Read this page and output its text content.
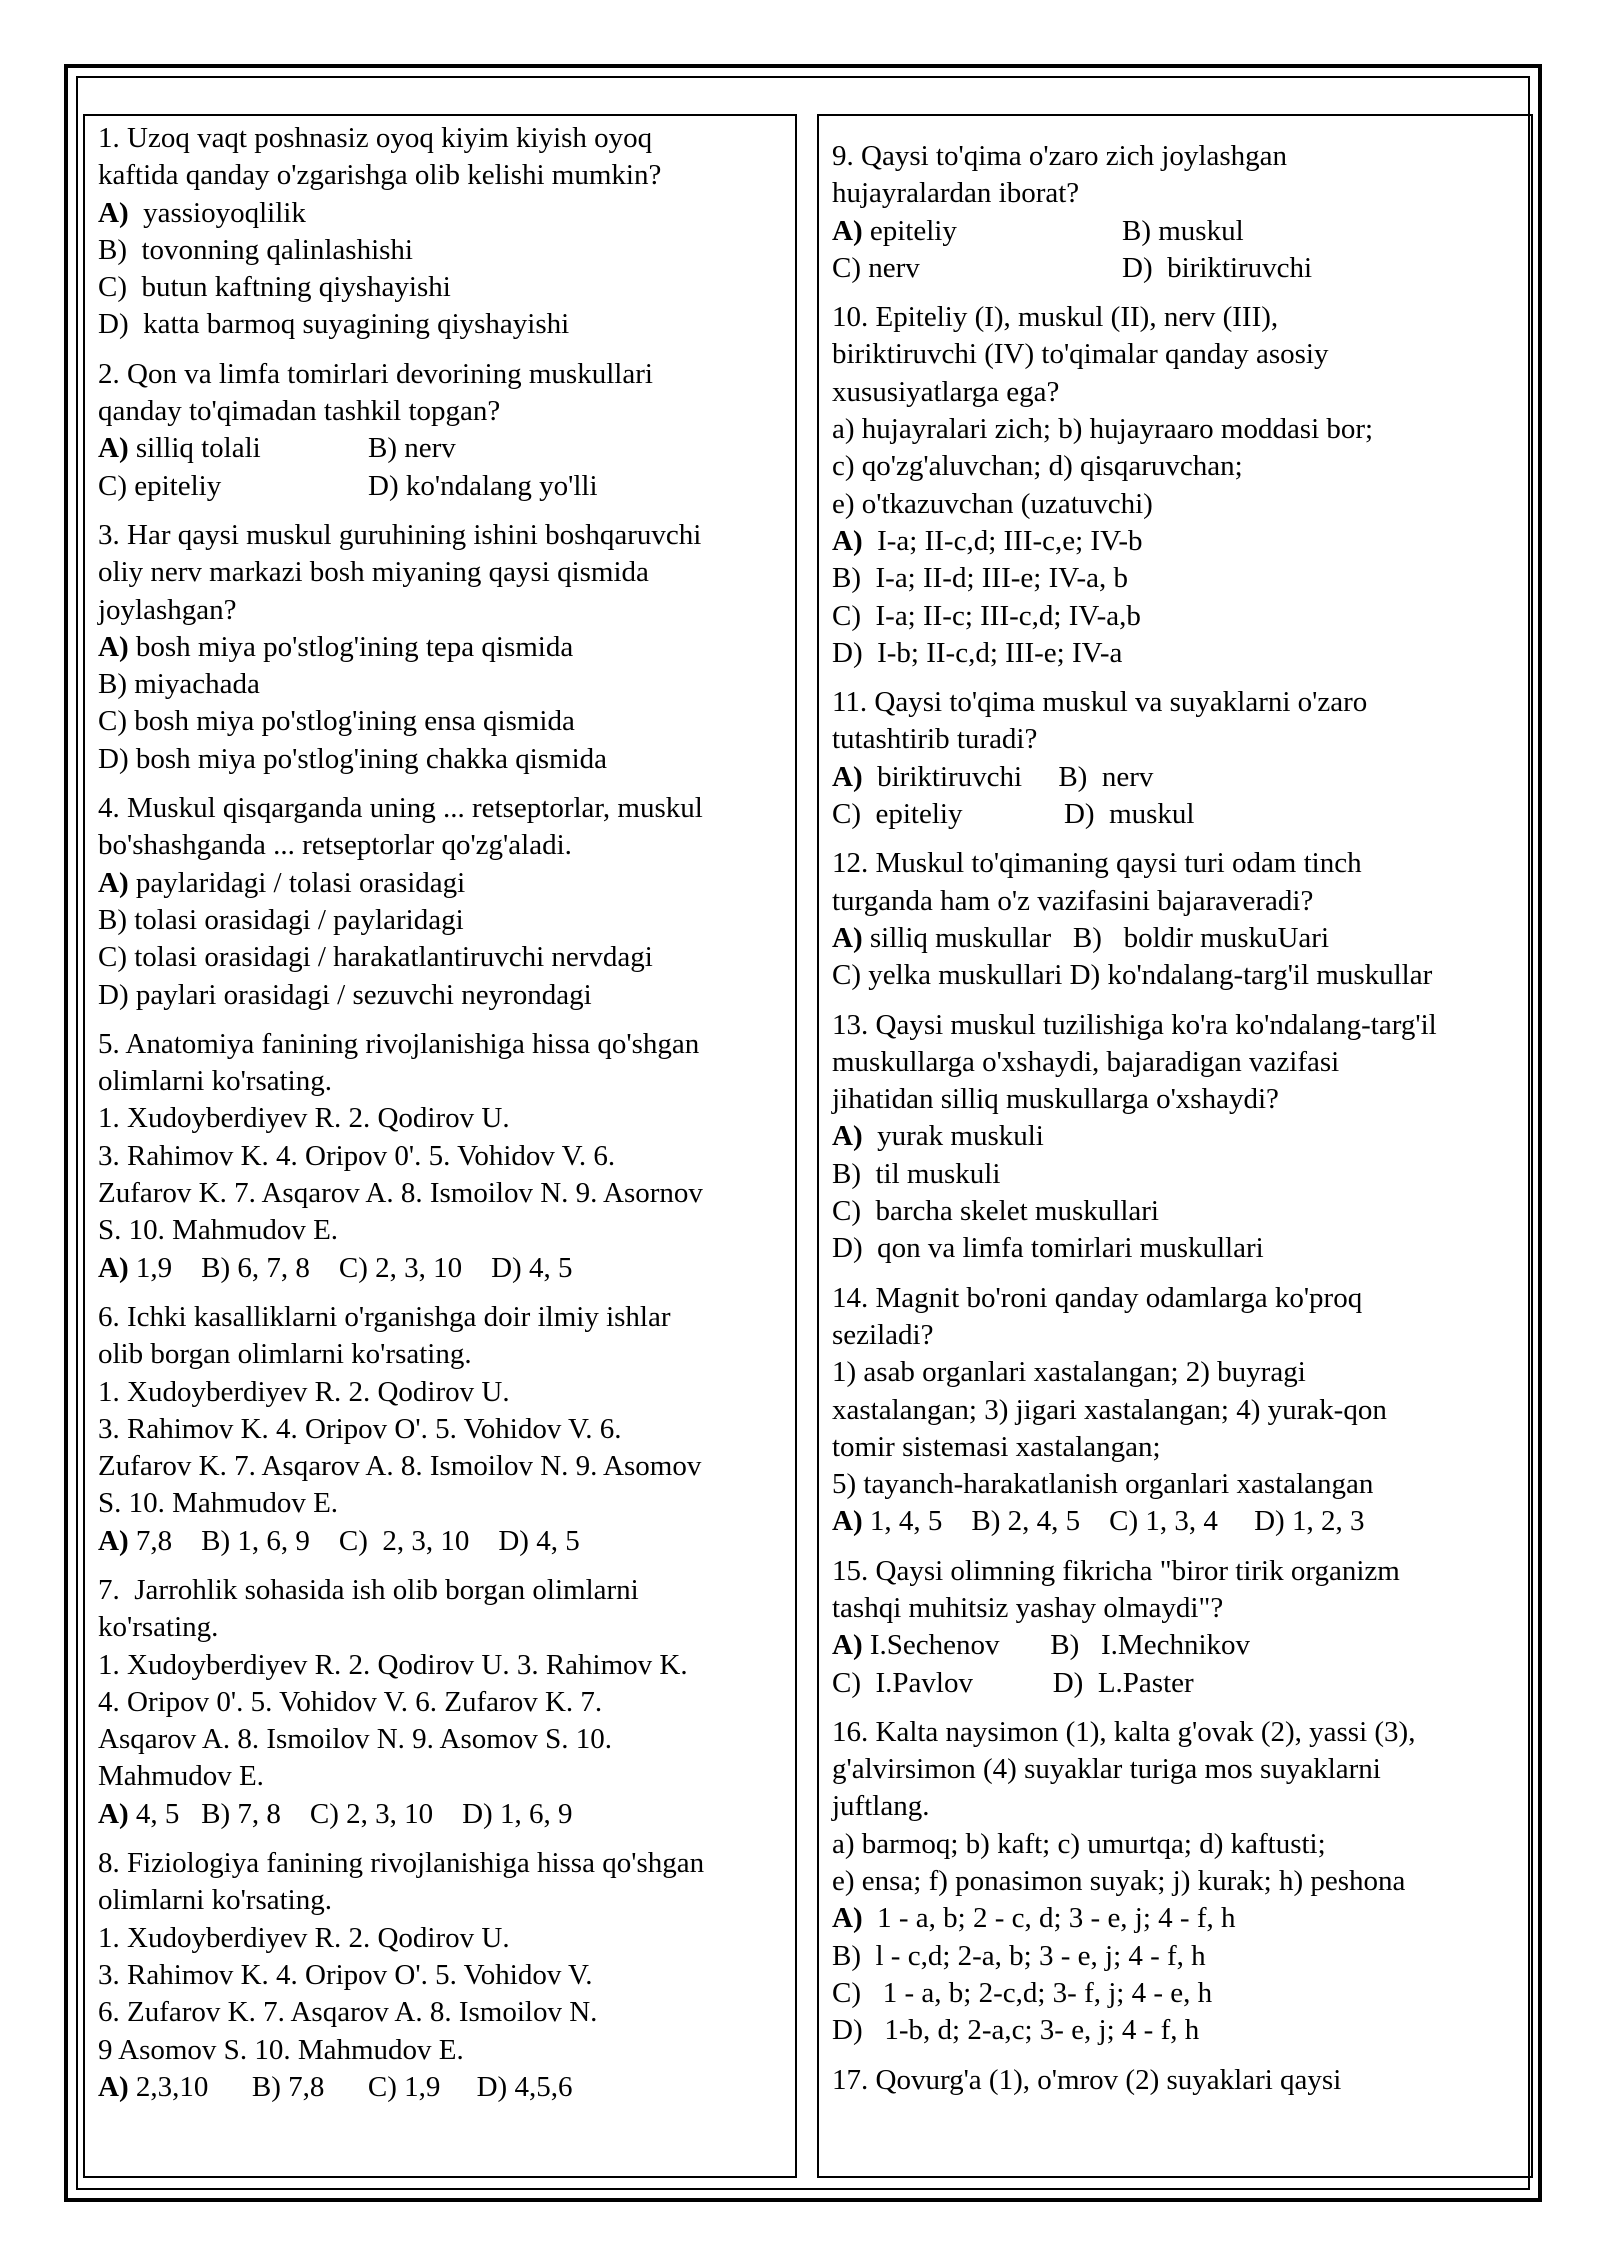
1. Uzoq vaqt poshnasiz oyoq kiyim kiyish oyoq
kaftida qanday o'zgarishga olib kelishi mumkin?
A)  yassioyoqlilik
B)  tovonning qalinlashishi
C)  butun kaftning qiyshayishi
D)  katta barmoq suyagining qiyshayishi
2. Qon va limfa tomirlari devorining muskullari
qanday to'qimadan tashkil topgan?
A) silliq tolali	B) nerv
C) epiteliy	D) ko'ndalang yo'lli
3. Har qaysi muskul guruhining ishini boshqaruvchi
oliy nerv markazi bosh miyaning qaysi qismida
joylashgan?
A) bosh miya po'stlog'ining tepa qismida
B) miyachada
C) bosh miya po'stlog'ining ensa qismida
D) bosh miya po'stlog'ining chakka qismida
4. Muskul qisqarganda uning ... retseptorlar, muskul
bo'shashganda ... retseptorlar qo'zg'aladi.
A) paylaridagi / tolasi orasidagi
B) tolasi orasidagi / paylaridagi
C) tolasi orasidagi / harakatlantiruvchi nervdagi
D) paylari orasidagi / sezuvchi neyrondagi
5. Anatomiya fanining rivojlanishiga hissa qo'shgan
olimlarni ko'rsating.
1. Xudoyberdiyev R. 2. Qodirov U.
3. Rahimov K. 4. Oripov 0'. 5. Vohidov V. 6.
Zufarov K. 7. Asqarov A. 8. Ismoilov N. 9. Asornov
S. 10. Mahmudov E.
A) 1,9    B) 6, 7, 8    C) 2, 3, 10    D) 4, 5
6. Ichki kasalliklarni o'rganishga doir ilmiy ishlar
olib borgan olimlarni ko'rsating.
1. Xudoyberdiyev R. 2. Qodirov U.
3. Rahimov K. 4. Oripov O'. 5. Vohidov V. 6.
Zufarov K. 7. Asqarov A. 8. Ismoilov N. 9. Asomov
S. 10. Mahmudov E.
A) 7,8    B) 1, 6, 9    C)  2, 3, 10    D) 4, 5
7.  Jarrohlik sohasida ish olib borgan olimlarni
ko'rsating.
1. Xudoyberdiyev R. 2. Qodirov U. 3. Rahimov K.
4. Oripov 0'. 5. Vohidov V. 6. Zufarov K. 7.
Asqarov A. 8. Ismoilov N. 9. Asomov S. 10.
Mahmudov E.
A) 4, 5   B) 7, 8    C) 2, 3, 10    D) 1, 6, 9
8. Fiziologiya fanining rivojlanishiga hissa qo'shgan
olimlarni ko'rsating.
1. Xudoyberdiyev R. 2. Qodirov U.
3. Rahimov K. 4. Oripov O'. 5. Vohidov V.
6. Zufarov K. 7. Asqarov A. 8. Ismoilov N.
9 Asomov S. 10. Mahmudov E.
A) 2,3,10      B) 7,8      C) 1,9     D) 4,5,6
9. Qaysi to'qima o'zaro zich joylashgan
hujayralardan iborat?
A) epiteliy	B) muskul
C) nerv	D)  biriktiruvchi
10. Epiteliy (I), muskul (II), nerv (III),
biriktiruvchi (IV) to'qimalar qanday asosiy
xususiyatlarga ega?
a) hujayralari zich; b) hujayraaro moddasi bor;
c) qo'zg'aluvchan; d) qisqaruvchan;
e) o'tkazuvchan (uzatuvchi)
A)  I-a; II-c,d; III-c,e; IV-b
B)  I-a; II-d; III-e; IV-a, b
C)  I-a; II-c; III-c,d; IV-a,b
D)  I-b; II-c,d; III-e; IV-a
11. Qaysi to'qima muskul va suyaklarni o'zaro
tutashtirib turadi?
A)  biriktiruvchi     B)  nerv
C)  epiteliy              D)  muskul
12. Muskul to'qimaning qaysi turi odam tinch
turganda ham o'z vazifasini bajaraveradi?
A) silliq muskullar   B)   boldir muskuUari
C) yelka muskullari D) ko'ndalang-targ'il muskullar
13. Qaysi muskul tuzilishiga ko'ra ko'ndalang-targ'il
muskullarga o'xshaydi, bajaradigan vazifasi
jihatidan silliq muskullarga o'xshaydi?
A)  yurak muskuli
B)  til muskuli
C)  barcha skelet muskullari
D)  qon va limfa tomirlari muskullari
14. Magnit bo'roni qanday odamlarga ko'proq
seziladi?
1) asab organlari xastalangan; 2) buyragi
xastalangan; 3) jigari xastalangan; 4) yurak-qon
tomir sistemasi xastalangan;
5) tayanch-harakatlanish organlari xastalangan
A) 1, 4, 5    B) 2, 4, 5    C) 1, 3, 4     D) 1, 2, 3
15. Qaysi olimning fikricha "biror tirik organizm
tashqi muhitsiz yashay olmaydi"?
A) I.Sechenov       B)   I.Mechnikov
C)  I.Pavlov           D)  L.Paster
16. Kalta naysimon (1), kalta g'ovak (2), yassi (3),
g'alvirsimon (4) suyaklar turiga mos suyaklarni
juftlang.
a) barmoq; b) kaft; c) umurtqa; d) kaftusti;
e) ensa; f) ponasimon suyak; j) kurak; h) peshona
A)  1 - a, b; 2 - c, d; 3 - e, j; 4 - f, h
B)  l - c,d; 2-a, b; 3 - e, j; 4 - f, h
C)   1 - a, b; 2-c,d; 3- f, j; 4 - e, h
D)   1-b, d; 2-a,c; 3- e, j; 4 - f, h
17. Qovurg'a (1), o'mrov (2) suyaklari qaysi
